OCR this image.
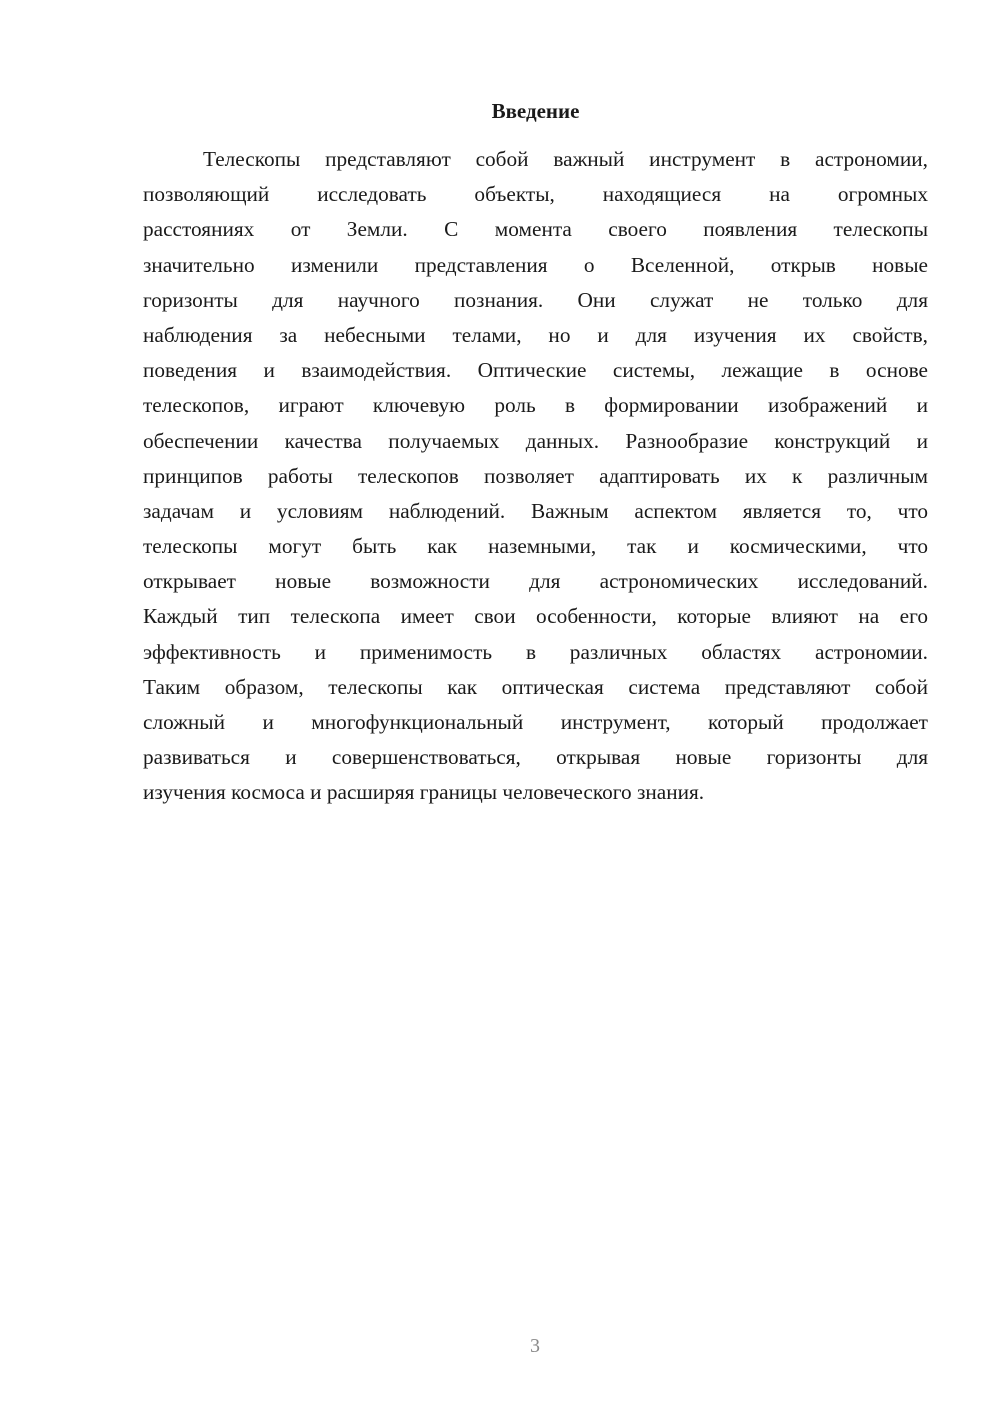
Введение
Телескопы представляют собой важный инструмент в астрономии,
позволяющий исследовать объекты, находящиеся на огромных
расстояниях от Земли. С момента своего появления телескопы
значительно изменили представления о Вселенной, открыв новые
горизонты для научного познания. Они служат не только для
наблюдения за небесными телами, но и для изучения их свойств,
поведения и взаимодействия. Оптические системы, лежащие в основе
телескопов, играют ключевую роль в формировании изображений и
обеспечении качества получаемых данных. Разнообразие конструкций и
принципов работы телескопов позволяет адаптировать их к различным
задачам и условиям наблюдений. Важным аспектом является то, что
телескопы могут быть как наземными, так и космическими, что
открывает новые возможности для астрономических исследований.
Каждый тип телескопа имеет свои особенности, которые влияют на его
эффективность и применимость в различных областях астрономии.
Таким образом, телескопы как оптическая система представляют собой
сложный и многофункциональный инструмент, который продолжает
развиваться и совершенствоваться, открывая новые горизонты для
изучения космоса и расширяя границы человеческого знания.
3
